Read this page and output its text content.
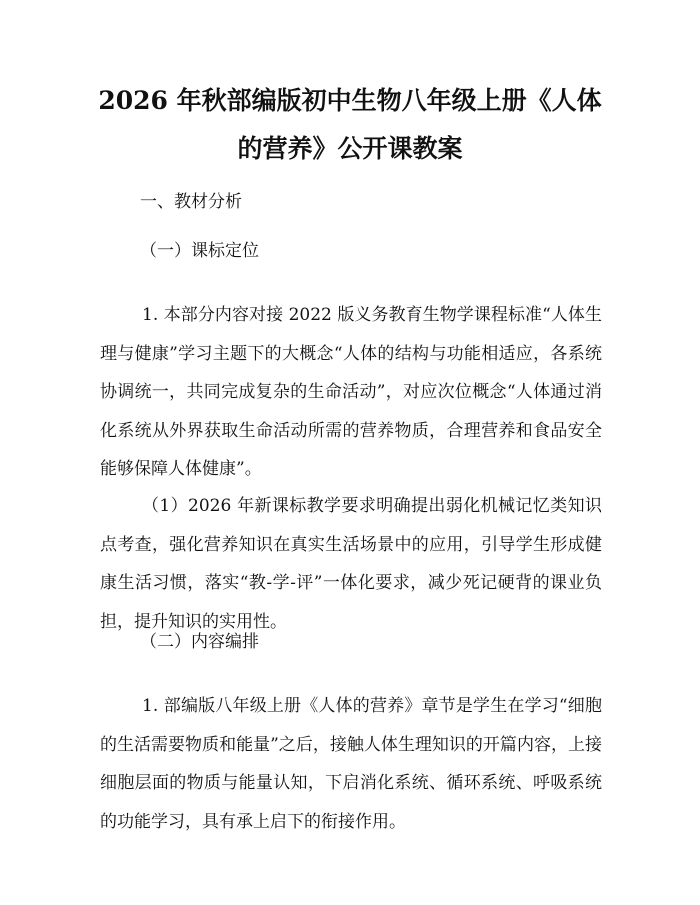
2026 年秋部编版初中生物八年级上册《人体
的营养》公开课教案
一、教材分析
（一）课标定位

1. 本部分内容对接 2022 版义务教育生物学课程标准“人体生理与健康”学习主题下的大概念“人体的结构与功能相适应，各系统协调统一，共同完成复杂的生命活动”，对应次位概念“人体通过消化系统从外界获取生命活动所需的营养物质，合理营养和食品安全能够保障人体健康”。

（1）2026 年新课标教学要求明确提出弱化机械记忆类知识点考查，强化营养知识在真实生活场景中的应用，引导学生形成健康生活习惯，落实“教-学-评”一体化要求，减少死记硬背的课业负担，提升知识的实用性。

（二）内容编排

1. 部编版八年级上册《人体的营养》章节是学生在学习“细胞的生活需要物质和能量”之后，接触人体生理知识的开篇内容，上接细胞层面的物质与能量认知，下启消化系统、循环系统、呼吸系统的功能学习，具有承上启下的衔接作用。
